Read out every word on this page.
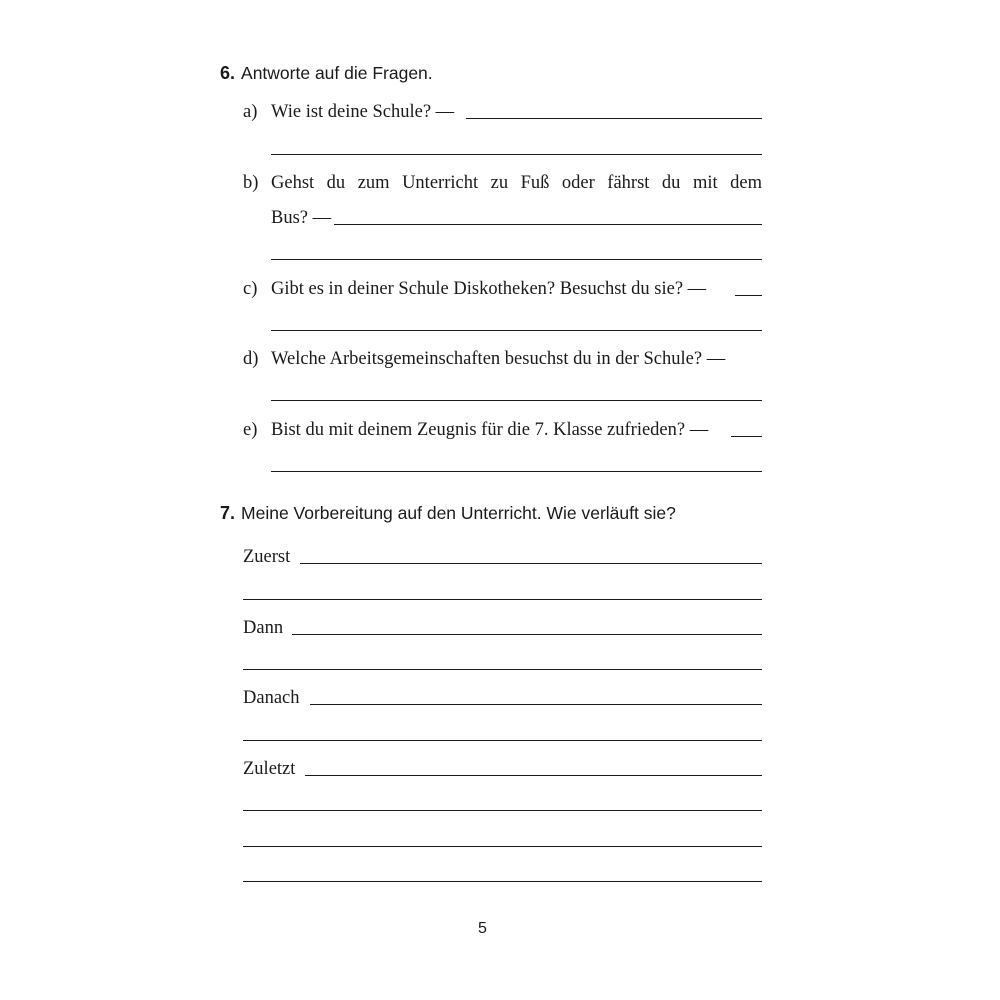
6. Antworte auf die Fragen.
a) Wie ist deine Schule? —
b) Gehst du zum Unterricht zu Fuß oder fährst du mit dem
Bus? —
c) Gibt es in deiner Schule Diskotheken? Besuchst du sie? —
d) Welche Arbeitsgemeinschaften besuchst du in der Schule? —
e) Bist du mit deinem Zeugnis für die 7. Klasse zufrieden? —
7. Meine Vorbereitung auf den Unterricht. Wie verläuft sie?
Zuerst
Dann
Danach
Zuletzt
5
